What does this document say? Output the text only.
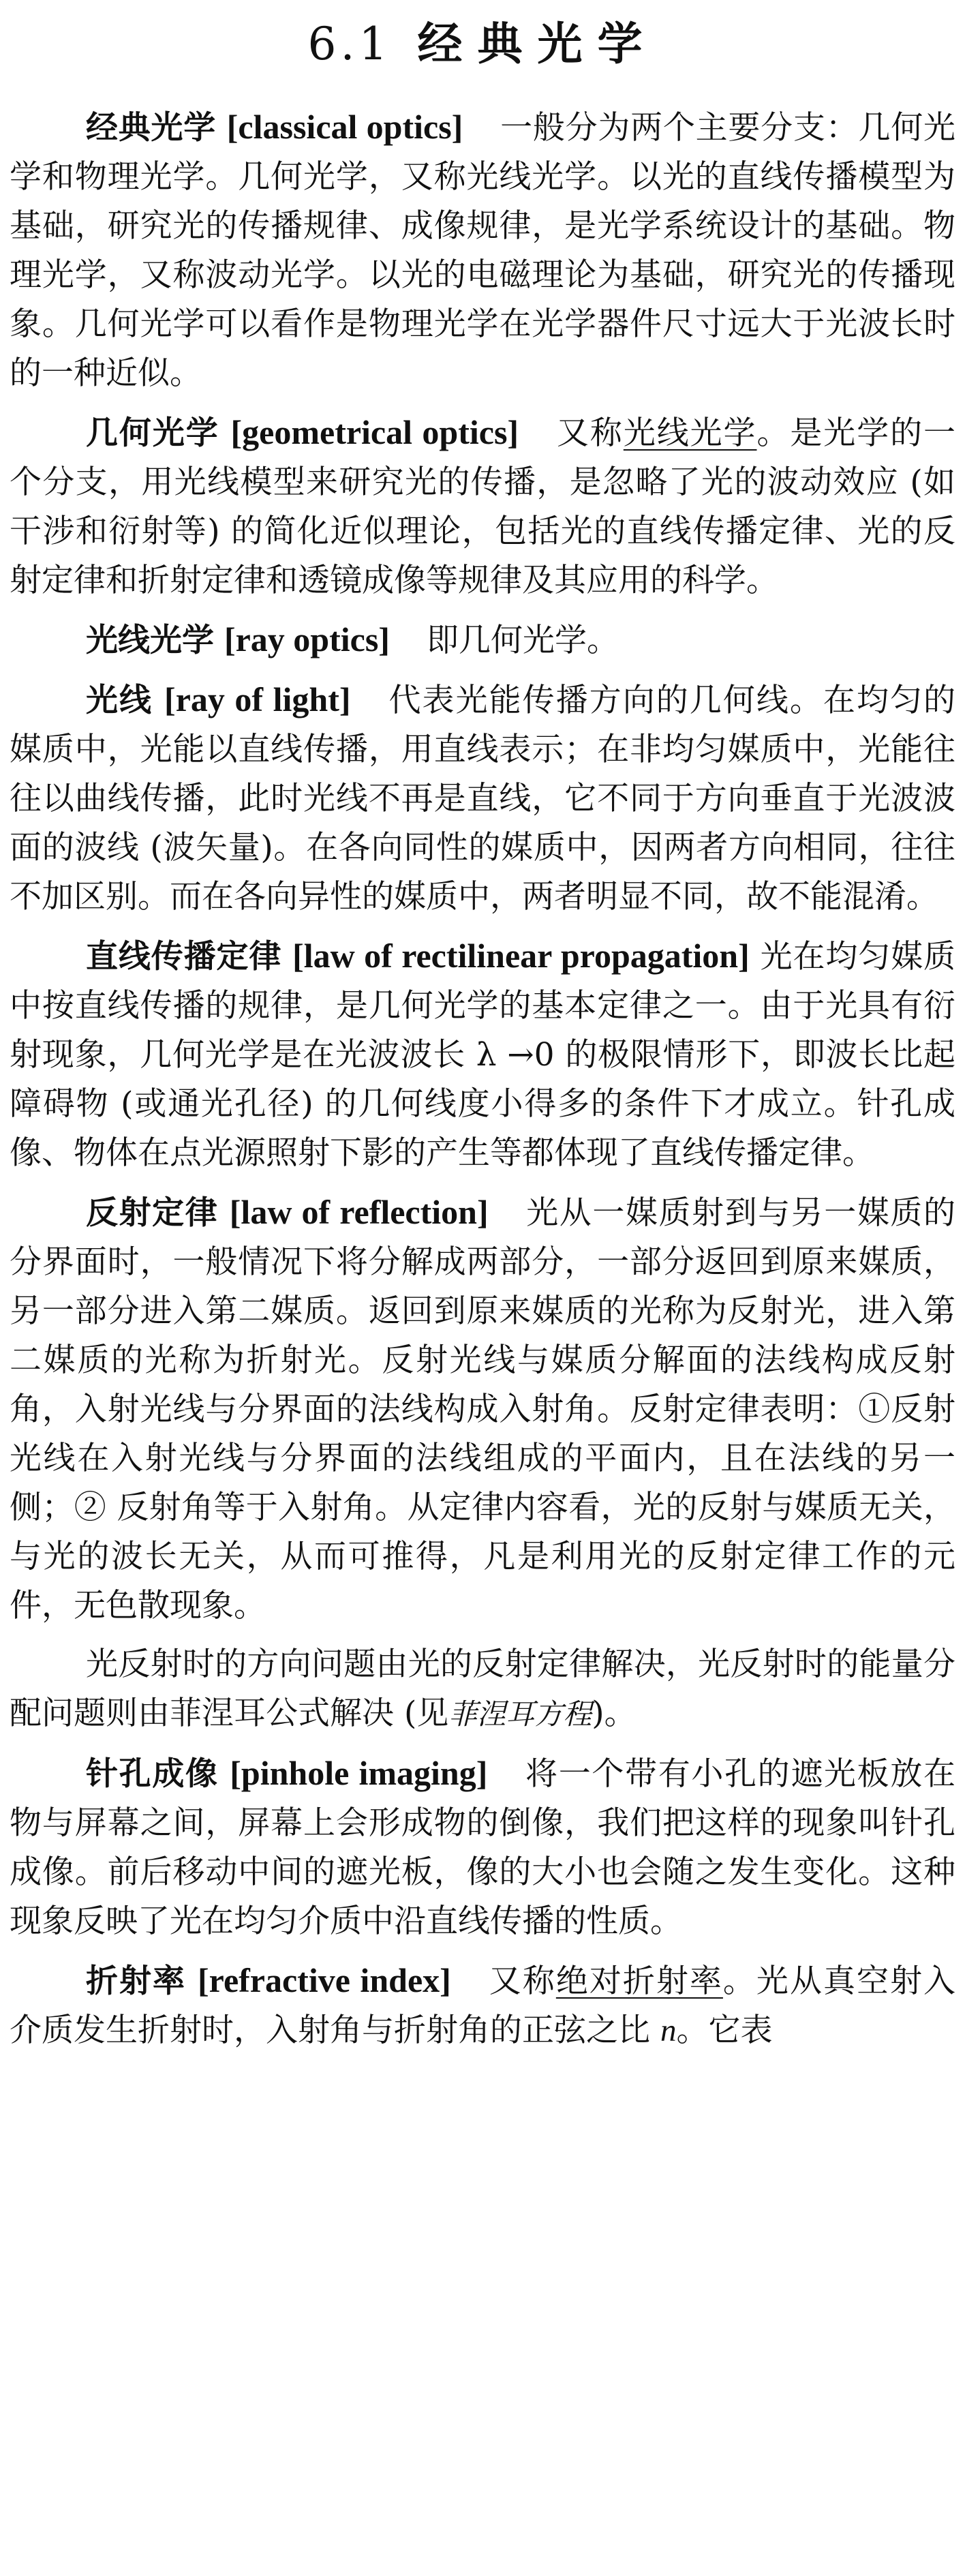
6.1 经典光学

经典光学 [classical optics] 一般分为两个主要分支：几何光学和物理光学。几何光学，又称光线光学。以光的直线传播模型为基础，研究光的传播规律、成像规律，是光学系统设计的基础。物理光学，又称波动光学。以光的电磁理论为基础，研究光的传播现象。几何光学可以看作是物理光学在光学器件尺寸远大于光波长时的一种近似。

几何光学 [geometrical optics] 又称光线光学。是光学的一个分支，用光线模型来研究光的传播，是忽略了光的波动效应 (如干涉和衍射等) 的简化近似理论，包括光的直线传播定律、光的反射定律和折射定律和透镜成像等规律及其应用的科学。

光线光学 [ray optics] 即几何光学。

光线 [ray of light] 代表光能传播方向的几何线。在均匀的媒质中，光能以直线传播，用直线表示；在非均匀媒质中，光能往往以曲线传播，此时光线不再是直线，它不同于方向垂直于光波波面的波线 (波矢量)。在各向同性的媒质中，因两者方向相同，往往不加区别。而在各向异性的媒质中，两者明显不同，故不能混淆。

直线传播定律 [law of rectilinear propagation] 光在均匀媒质中按直线传播的规律，是几何光学的基本定律之一。由于光具有衍射现象，几何光学是在光波波长 λ →0 的极限情形下，即波长比起障碍物 (或通光孔径) 的几何线度小得多的条件下才成立。针孔成像、物体在点光源照射下影的产生等都体现了直线传播定律。

反射定律 [law of reflection] 光从一媒质射到与另一媒质的分界面时，一般情况下将分解成两部分，一部分返回到原来媒质，另一部分进入第二媒质。返回到原来媒质的光称为反射光，进入第二媒质的光称为折射光。反射光线与媒质分解面的法线构成反射角，入射光线与分界面的法线构成入射角。反射定律表明：①反射光线在入射光线与分界面的法线组成的平面内，且在法线的另一侧；② 反射角等于入射角。从定律内容看，光的反射与媒质无关，与光的波长无关，从而可推得，凡是利用光的反射定律工作的元件，无色散现象。

光反射时的方向问题由光的反射定律解决，光反射时的能量分配问题则由菲涅耳公式解决 (见菲涅耳方程)。

针孔成像 [pinhole imaging] 将一个带有小孔的遮光板放在物与屏幕之间，屏幕上会形成物的倒像，我们把这样的现象叫针孔成像。前后移动中间的遮光板，像的大小也会随之发生变化。这种现象反映了光在均匀介质中沿直线传播的性质。

折射率 [refractive index] 又称绝对折射率。光从真空射入介质发生折射时，入射角与折射角的正弦之比 n。它表
